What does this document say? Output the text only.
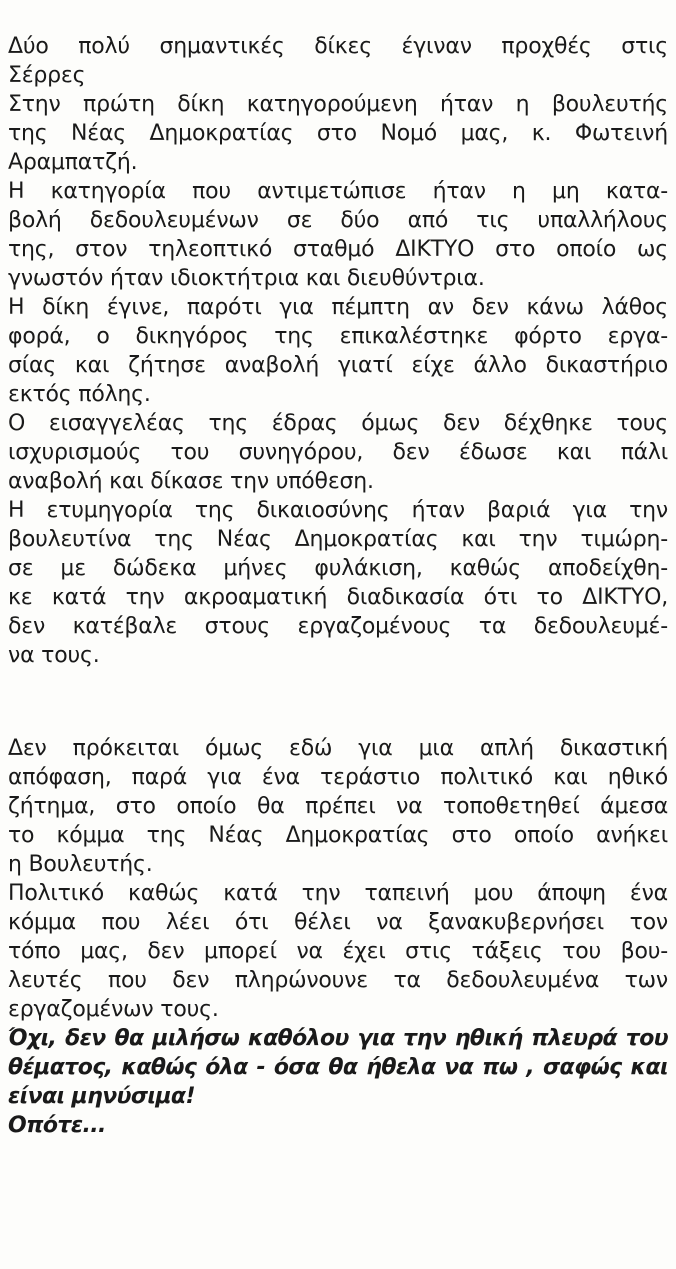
Δύο πολύ σημαντικές δίκες έγιναν προχθές στις
Σέρρες
Στην πρώτη δίκη κατηγορούμενη ήταν η βουλευτής
της Νέας Δημοκρατίας στο Νομό μας, κ. Φωτεινή
Αραμπατζή.
Η κατηγορία που αντιμετώπισε ήταν η μη κατα-
βολή δεδουλευμένων σε δύο από τις υπαλλήλους
της, στον τηλεοπτικό σταθμό ΔΙΚΤΥΟ στο οποίο ως
γνωστόν ήταν ιδιοκτήτρια και διευθύντρια.
Η δίκη έγινε, παρότι για πέμπτη αν δεν κάνω λάθος
φορά, ο δικηγόρος της επικαλέστηκε φόρτο εργα-
σίας και ζήτησε αναβολή γιατί είχε άλλο δικαστήριο
εκτός πόλης.
Ο εισαγγελέας της έδρας όμως δεν δέχθηκε τους
ισχυρισμούς του συνηγόρου, δεν έδωσε και πάλι
αναβολή και δίκασε την υπόθεση.
Η ετυμηγορία της δικαιοσύνης ήταν βαριά για την
βουλευτίνα της Νέας Δημοκρατίας και την τιμώρη-
σε με δώδεκα μήνες φυλάκιση, καθώς αποδείχθη-
κε κατά την ακροαματική διαδικασία ότι το ΔΙΚΤΥΟ,
δεν κατέβαλε στους εργαζομένους τα δεδουλευμέ-
να τους.
Δεν πρόκειται όμως εδώ για μια απλή δικαστική
απόφαση, παρά για ένα τεράστιο πολιτικό και ηθικό
ζήτημα, στο οποίο θα πρέπει να τοποθετηθεί άμεσα
το κόμμα της Νέας Δημοκρατίας στο οποίο ανήκει
η Βουλευτής.
Πολιτικό καθώς κατά την ταπεινή μου άποψη ένα
κόμμα που λέει ότι θέλει να ξανακυβερνήσει τον
τόπο μας, δεν μπορεί να έχει στις τάξεις του βου-
λευτές που δεν πληρώνουνε τα δεδουλευμένα των
εργαζομένων τους.
Όχι, δεν θα μιλήσω καθόλου για την ηθική πλευρά του
θέματος, καθώς όλα - όσα θα ήθελα να πω , σαφώς και
είναι μηνύσιμα!
Οπότε...
